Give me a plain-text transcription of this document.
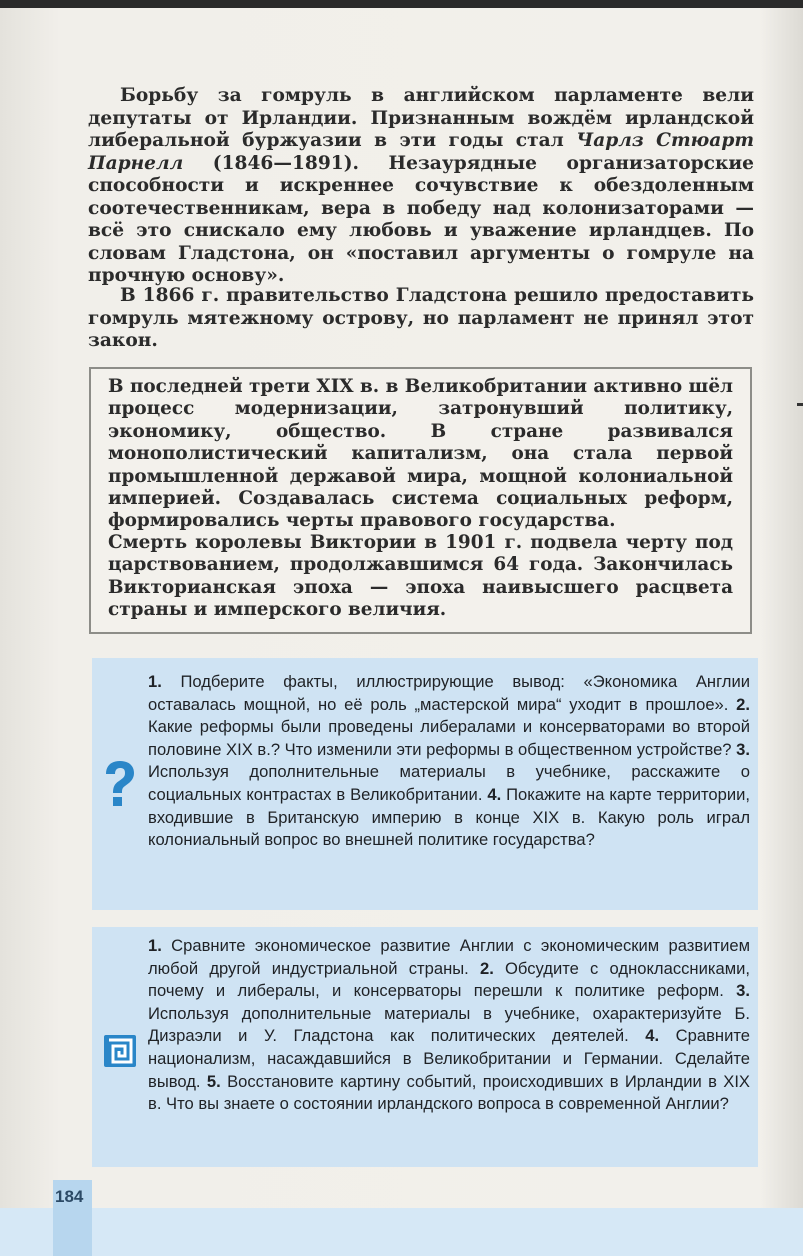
Борьбу за гомруль в английском парламенте вели депутаты от Ирландии. Признанным вождём ирландской либеральной буржуазии в эти годы стал Чарлз Стюарт Парнелл (1846—1891). Незаурядные организаторские способности и искреннее сочувствие к обездоленным соотечественникам, вера в победу над колонизаторами — всё это снискало ему любовь и уважение ирландцев. По словам Гладстона, он «поставил аргументы о гомруле на прочную основу».

В 1866 г. правительство Гладстона решило предоставить гомруль мятежному острову, но парламент не принял этот закон.

В последней трети XIX в. в Великобритании активно шёл процесс модернизации, затронувший политику, экономику, общество. В стране развивался монополистический капитализм, она стала первой промышленной державой мира, мощной колониальной империей. Создавалась система социальных реформ, формировались черты правового государства.

Смерть королевы Виктории в 1901 г. подвела черту под царствованием, продолжавшимся 64 года. Закончилась Викторианская эпоха — эпоха наивысшего расцвета страны и имперского величия.

1. Подберите факты, иллюстрирующие вывод: «Экономика Англии оставалась мощной, но её роль „мастерской мира“ уходит в прошлое». 2. Какие реформы были проведены либералами и консерваторами во второй половине XIX в.? Что изменили эти реформы в общественном устройстве? 3. Используя дополнительные материалы в учебнике, расскажите о социальных контрастах в Великобритании. 4. Покажите на карте территории, входившие в Британскую империю в конце XIX в. Какую роль играл колониальный вопрос во внешней политике государства?

1. Сравните экономическое развитие Англии с экономическим развитием любой другой индустриальной страны. 2. Обсудите с одноклассниками, почему и либералы, и консерваторы перешли к политике реформ. 3. Используя дополнительные материалы в учебнике, охарактеризуйте Б. Дизраэли и У. Гладстона как политических деятелей. 4. Сравните национализм, насаждавшийся в Великобритании и Германии. Сделайте вывод. 5. Восстановите картину событий, происходивших в Ирландии в XIX в. Что вы знаете о состоянии ирландского вопроса в современной Англии?

184
